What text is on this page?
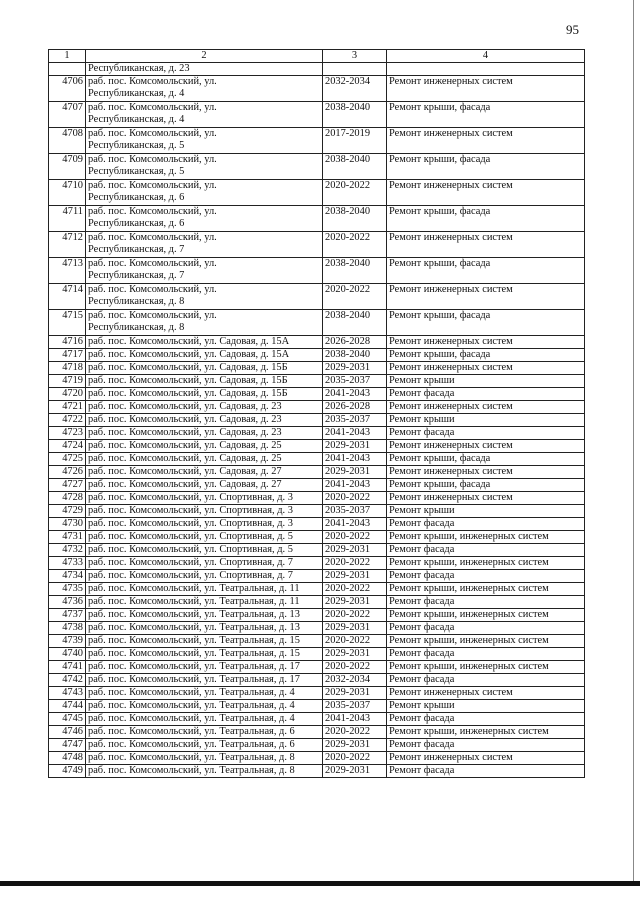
95
1	2	3	4
	Республиканская, д. 23		
4706	раб. пос. Комсомольский, ул.
Республиканская, д. 4	2032-2034	Ремонт инженерных систем
4707	раб. пос. Комсомольский, ул.
Республиканская, д. 4	2038-2040	Ремонт крыши, фасада
4708	раб. пос. Комсомольский, ул.
Республиканская, д. 5	2017-2019	Ремонт инженерных систем
4709	раб. пос. Комсомольский, ул.
Республиканская, д. 5	2038-2040	Ремонт крыши, фасада
4710	раб. пос. Комсомольский, ул.
Республиканская, д. 6	2020-2022	Ремонт инженерных систем
4711	раб. пос. Комсомольский, ул.
Республиканская, д. 6	2038-2040	Ремонт крыши, фасада
4712	раб. пос. Комсомольский, ул.
Республиканская, д. 7	2020-2022	Ремонт инженерных систем
4713	раб. пос. Комсомольский, ул.
Республиканская, д. 7	2038-2040	Ремонт крыши, фасада
4714	раб. пос. Комсомольский, ул.
Республиканская, д. 8	2020-2022	Ремонт инженерных систем
4715	раб. пос. Комсомольский, ул.
Республиканская, д. 8	2038-2040	Ремонт крыши, фасада
4716	раб. пос. Комсомольский, ул. Садовая, д. 15А	2026-2028	Ремонт инженерных систем
4717	раб. пос. Комсомольский, ул. Садовая, д. 15А	2038-2040	Ремонт крыши, фасада
4718	раб. пос. Комсомольский, ул. Садовая, д. 15Б	2029-2031	Ремонт инженерных систем
4719	раб. пос. Комсомольский, ул. Садовая, д. 15Б	2035-2037	Ремонт крыши
4720	раб. пос. Комсомольский, ул. Садовая, д. 15Б	2041-2043	Ремонт фасада
4721	раб. пос. Комсомольский, ул. Садовая, д. 23	2026-2028	Ремонт инженерных систем
4722	раб. пос. Комсомольский, ул. Садовая, д. 23	2035-2037	Ремонт крыши
4723	раб. пос. Комсомольский, ул. Садовая, д. 23	2041-2043	Ремонт фасада
4724	раб. пос. Комсомольский, ул. Садовая, д. 25	2029-2031	Ремонт инженерных систем
4725	раб. пос. Комсомольский, ул. Садовая, д. 25	2041-2043	Ремонт крыши, фасада
4726	раб. пос. Комсомольский, ул. Садовая, д. 27	2029-2031	Ремонт инженерных систем
4727	раб. пос. Комсомольский, ул. Садовая, д. 27	2041-2043	Ремонт крыши, фасада
4728	раб. пос. Комсомольский, ул. Спортивная, д. 3	2020-2022	Ремонт инженерных систем
4729	раб. пос. Комсомольский, ул. Спортивная, д. 3	2035-2037	Ремонт крыши
4730	раб. пос. Комсомольский, ул. Спортивная, д. 3	2041-2043	Ремонт фасада
4731	раб. пос. Комсомольский, ул. Спортивная, д. 5	2020-2022	Ремонт крыши, инженерных систем
4732	раб. пос. Комсомольский, ул. Спортивная, д. 5	2029-2031	Ремонт фасада
4733	раб. пос. Комсомольский, ул. Спортивная, д. 7	2020-2022	Ремонт крыши, инженерных систем
4734	раб. пос. Комсомольский, ул. Спортивная, д. 7	2029-2031	Ремонт фасада
4735	раб. пос. Комсомольский, ул. Театральная, д. 11	2020-2022	Ремонт крыши, инженерных систем
4736	раб. пос. Комсомольский, ул. Театральная, д. 11	2029-2031	Ремонт фасада
4737	раб. пос. Комсомольский, ул. Театральная, д. 13	2020-2022	Ремонт крыши, инженерных систем
4738	раб. пос. Комсомольский, ул. Театральная, д. 13	2029-2031	Ремонт фасада
4739	раб. пос. Комсомольский, ул. Театральная, д. 15	2020-2022	Ремонт крыши, инженерных систем
4740	раб. пос. Комсомольский, ул. Театральная, д. 15	2029-2031	Ремонт фасада
4741	раб. пос. Комсомольский, ул. Театральная, д. 17	2020-2022	Ремонт крыши, инженерных систем
4742	раб. пос. Комсомольский, ул. Театральная, д. 17	2032-2034	Ремонт фасада
4743	раб. пос. Комсомольский, ул. Театральная, д. 4	2029-2031	Ремонт инженерных систем
4744	раб. пос. Комсомольский, ул. Театральная, д. 4	2035-2037	Ремонт крыши
4745	раб. пос. Комсомольский, ул. Театральная, д. 4	2041-2043	Ремонт фасада
4746	раб. пос. Комсомольский, ул. Театральная, д. 6	2020-2022	Ремонт крыши, инженерных систем
4747	раб. пос. Комсомольский, ул. Театральная, д. 6	2029-2031	Ремонт фасада
4748	раб. пос. Комсомольский, ул. Театральная, д. 8	2020-2022	Ремонт инженерных систем
4749	раб. пос. Комсомольский, ул. Театральная, д. 8	2029-2031	Ремонт фасада
